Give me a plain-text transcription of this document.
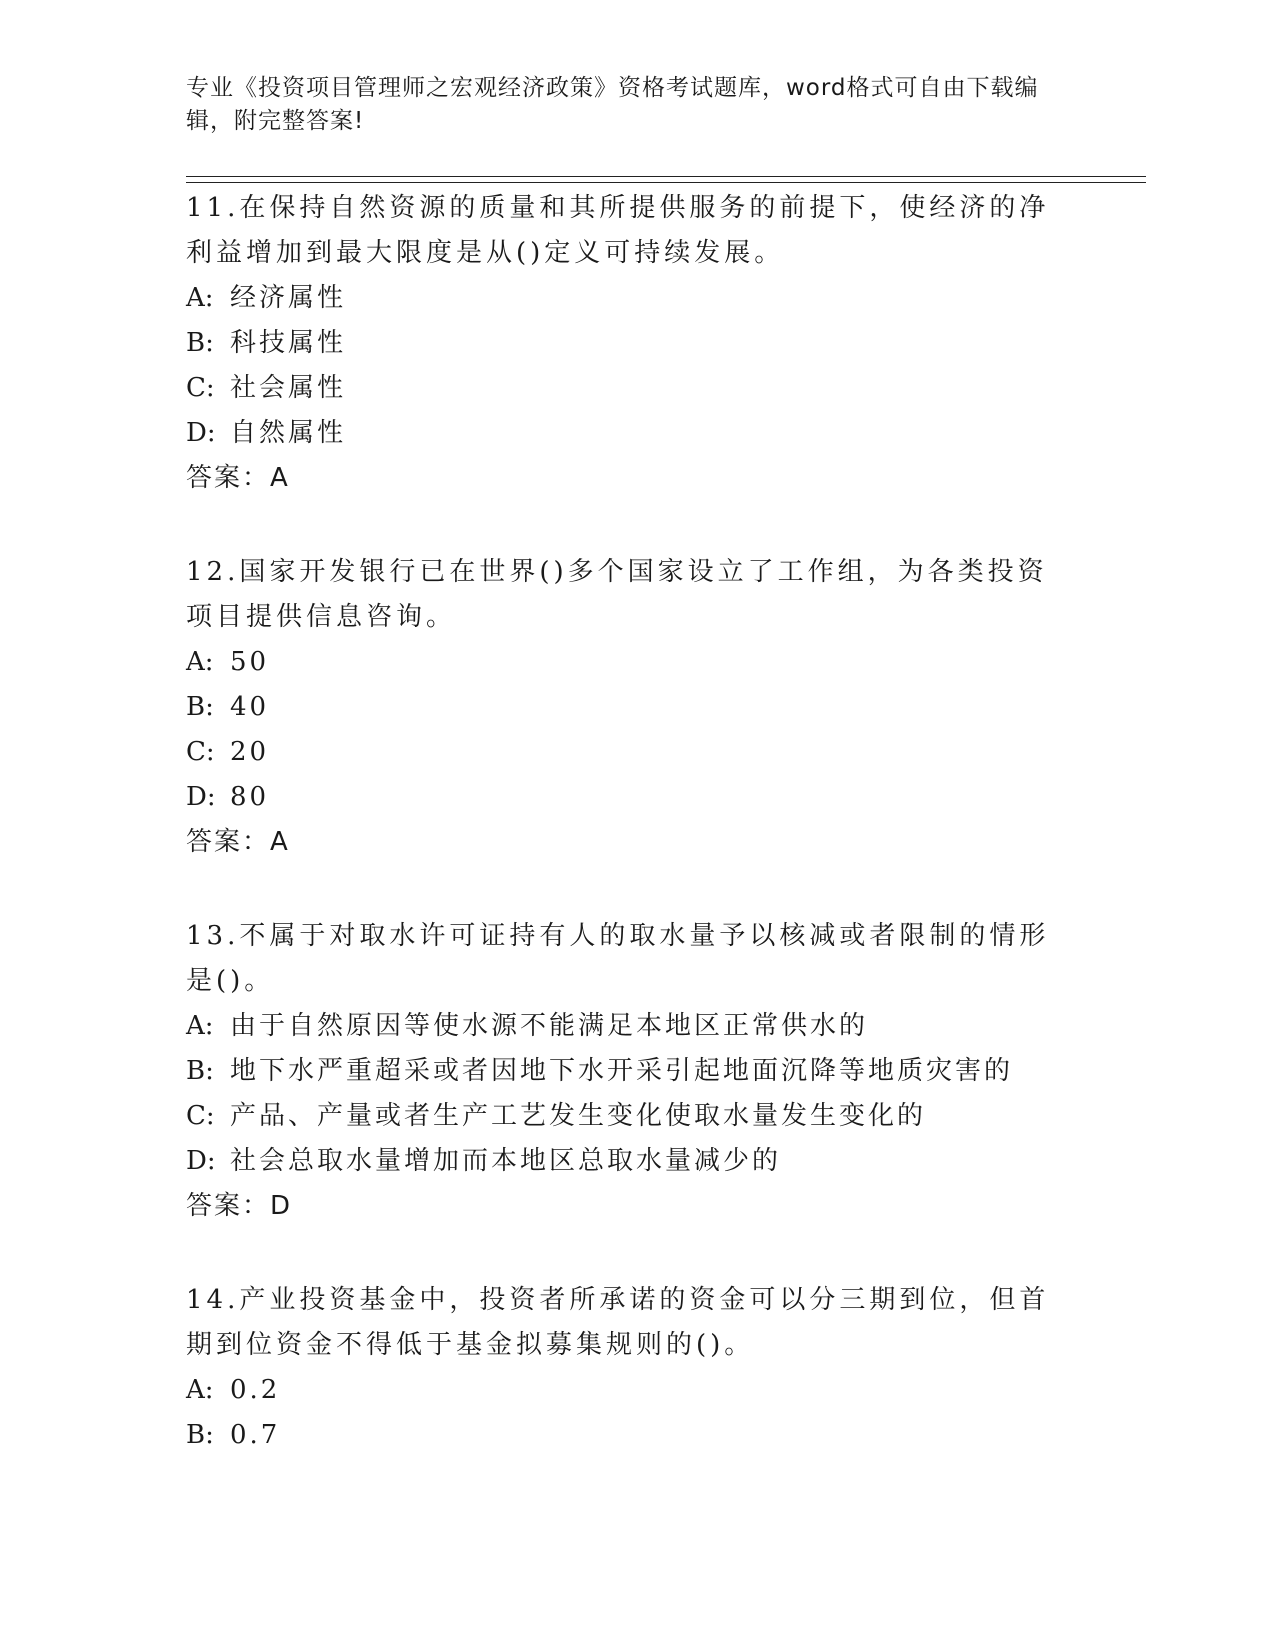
专业《投资项目管理师之宏观经济政策》资格考试题库，word格式可自由下载编辑，附完整答案!

11.在保持自然资源的质量和其所提供服务的前提下，使经济的净利益增加到最大限度是从()定义可持续发展。

A: 经济属性

B: 科技属性

C: 社会属性

D: 自然属性

答案：A

12.国家开发银行已在世界()多个国家设立了工作组，为各类投资项目提供信息咨询。

A: 50

B: 40

C: 20

D: 80

答案：A

13.不属于对取水许可证持有人的取水量予以核减或者限制的情形是()。

A: 由于自然原因等使水源不能满足本地区正常供水的

B: 地下水严重超采或者因地下水开采引起地面沉降等地质灾害的

C: 产品、产量或者生产工艺发生变化使取水量发生变化的

D: 社会总取水量增加而本地区总取水量减少的

答案：D

14.产业投资基金中，投资者所承诺的资金可以分三期到位，但首期到位资金不得低于基金拟募集规则的()。

A: 0.2

B: 0.7
